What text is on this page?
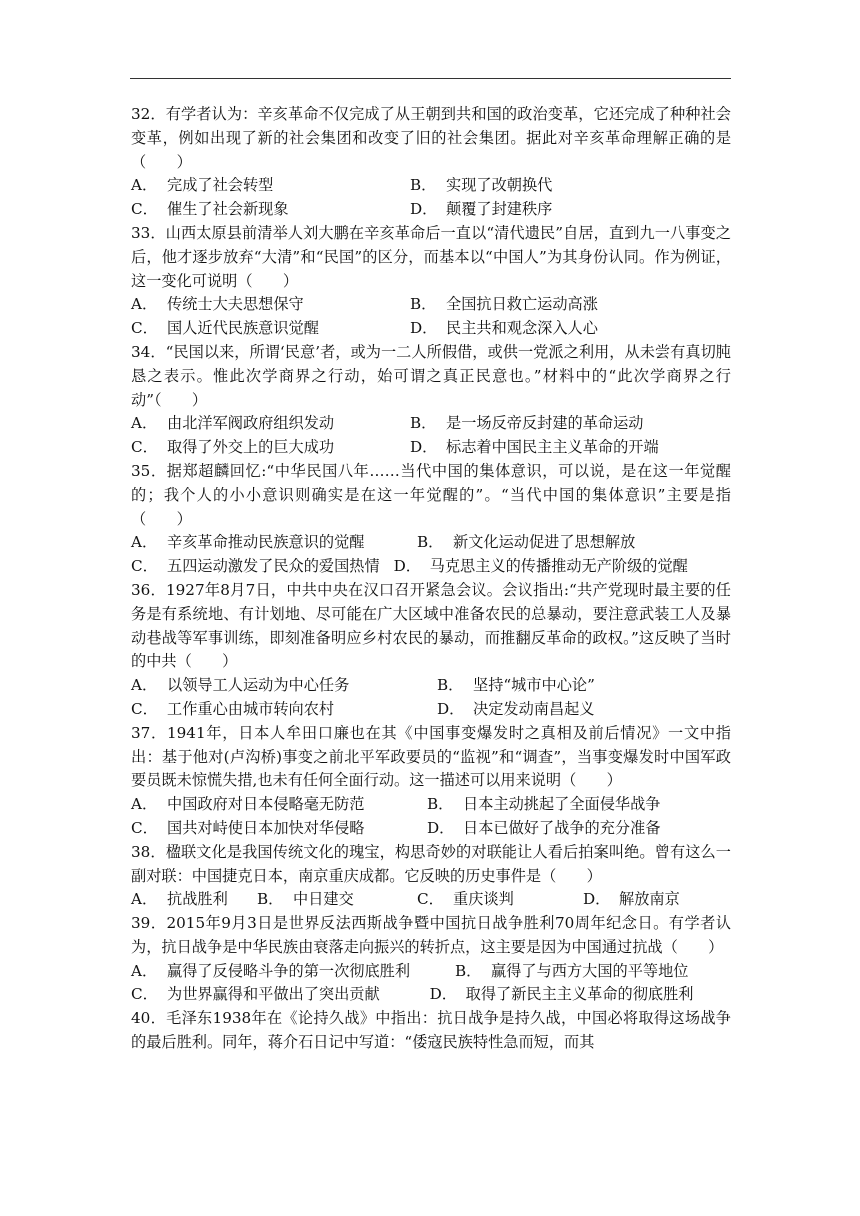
32．有学者认为：辛亥革命不仅完成了从王朝到共和国的政治变革，它还完成了种种社会变革，例如出现了新的社会集团和改变了旧的社会集团。据此对辛亥革命理解正确的是（　　）

A． 完成了社会转型	B． 实现了改朝换代
C． 催生了社会新现象	D． 颠覆了封建秩序

33．山西太原县前清举人刘大鹏在辛亥革命后一直以“清代遗民”自居，直到九一八事变之后，他才逐步放弃“大清”和“民国”的区分，而基本以“中国人”为其身份认同。作为例证，这一变化可说明（　　）

A． 传统士大夫思想保守	B． 全国抗日救亡运动高涨
C． 国人近代民族意识觉醒	D． 民主共和观念深入人心

34．“民国以来，所谓‘民意’者，或为一二人所假借，或供一党派之利用，从未尝有真切肫恳之表示。惟此次学商界之行动，始可谓之真正民意也。”材料中的“此次学商界之行动”（　　）

A． 由北洋军阀政府组织发动	B． 是一场反帝反封建的革命运动
C． 取得了外交上的巨大成功	D． 标志着中国民主主义革命的开端

35．据郑超麟回忆:“中华民国八年……当代中国的集体意识，可以说，是在这一年觉醒的；我个人的小小意识则确实是在这一年觉醒的”。“当代中国的集体意识”主要是指（　　）

A． 辛亥革命推动民族意识的觉醒	B． 新文化运动促进了思想解放
C． 五四运动激发了民众的爱国热情 D． 马克思主义的传播推动无产阶级的觉醒

36．1927年8月7日，中共中央在汉口召开紧急会议。会议指出:“共产党现时最主要的任务是有系统地、有计划地、尽可能在广大区域中准备农民的总暴动，要注意武装工人及暴动巷战等军事训练，即刻准备明应乡村农民的暴动，而推翻反革命的政权。”这反映了当时的中共（　　）

A． 以领导工人运动为中心任务	B． 坚持“城市中心论”
C． 工作重心由城市转向农村	D． 决定发动南昌起义

37．1941年，日本人牟田口廉也在其《中国事变爆发时之真相及前后情况》一文中指出：基于他对(卢沟桥)事变之前北平军政要员的“监视”和“调查”，当事变爆发时中国军政要员既未惊慌失措,也未有任何全面行动。这一描述可以用来说明（　　）

A． 中国政府对日本侵略毫无防范	B． 日本主动挑起了全面侵华战争
C． 国共对峙使日本加快对华侵略	D． 日本已做好了战争的充分准备

38．楹联文化是我国传统文化的瑰宝，构思奇妙的对联能让人看后拍案叫绝。曾有这么一副对联：中国捷克日本，南京重庆成都。它反映的历史事件是（　　）

A． 抗战胜利 B． 中日建交	C． 重庆谈判	D． 解放南京

39．2015年9月3日是世界反法西斯战争暨中国抗日战争胜利70周年纪念日。有学者认为，抗日战争是中华民族由衰落走向振兴的转折点，这主要是因为中国通过抗战（　　）

A． 赢得了反侵略斗争的第一次彻底胜利	B． 赢得了与西方大国的平等地位
C． 为世界赢得和平做出了突出贡献	D． 取得了新民主主义革命的彻底胜利

40．毛泽东1938年在《论持久战》中指出：抗日战争是持久战，中国必将取得这场战争的最后胜利。同年，蒋介石日记中写道：“倭寇民族特性急而短，而其
